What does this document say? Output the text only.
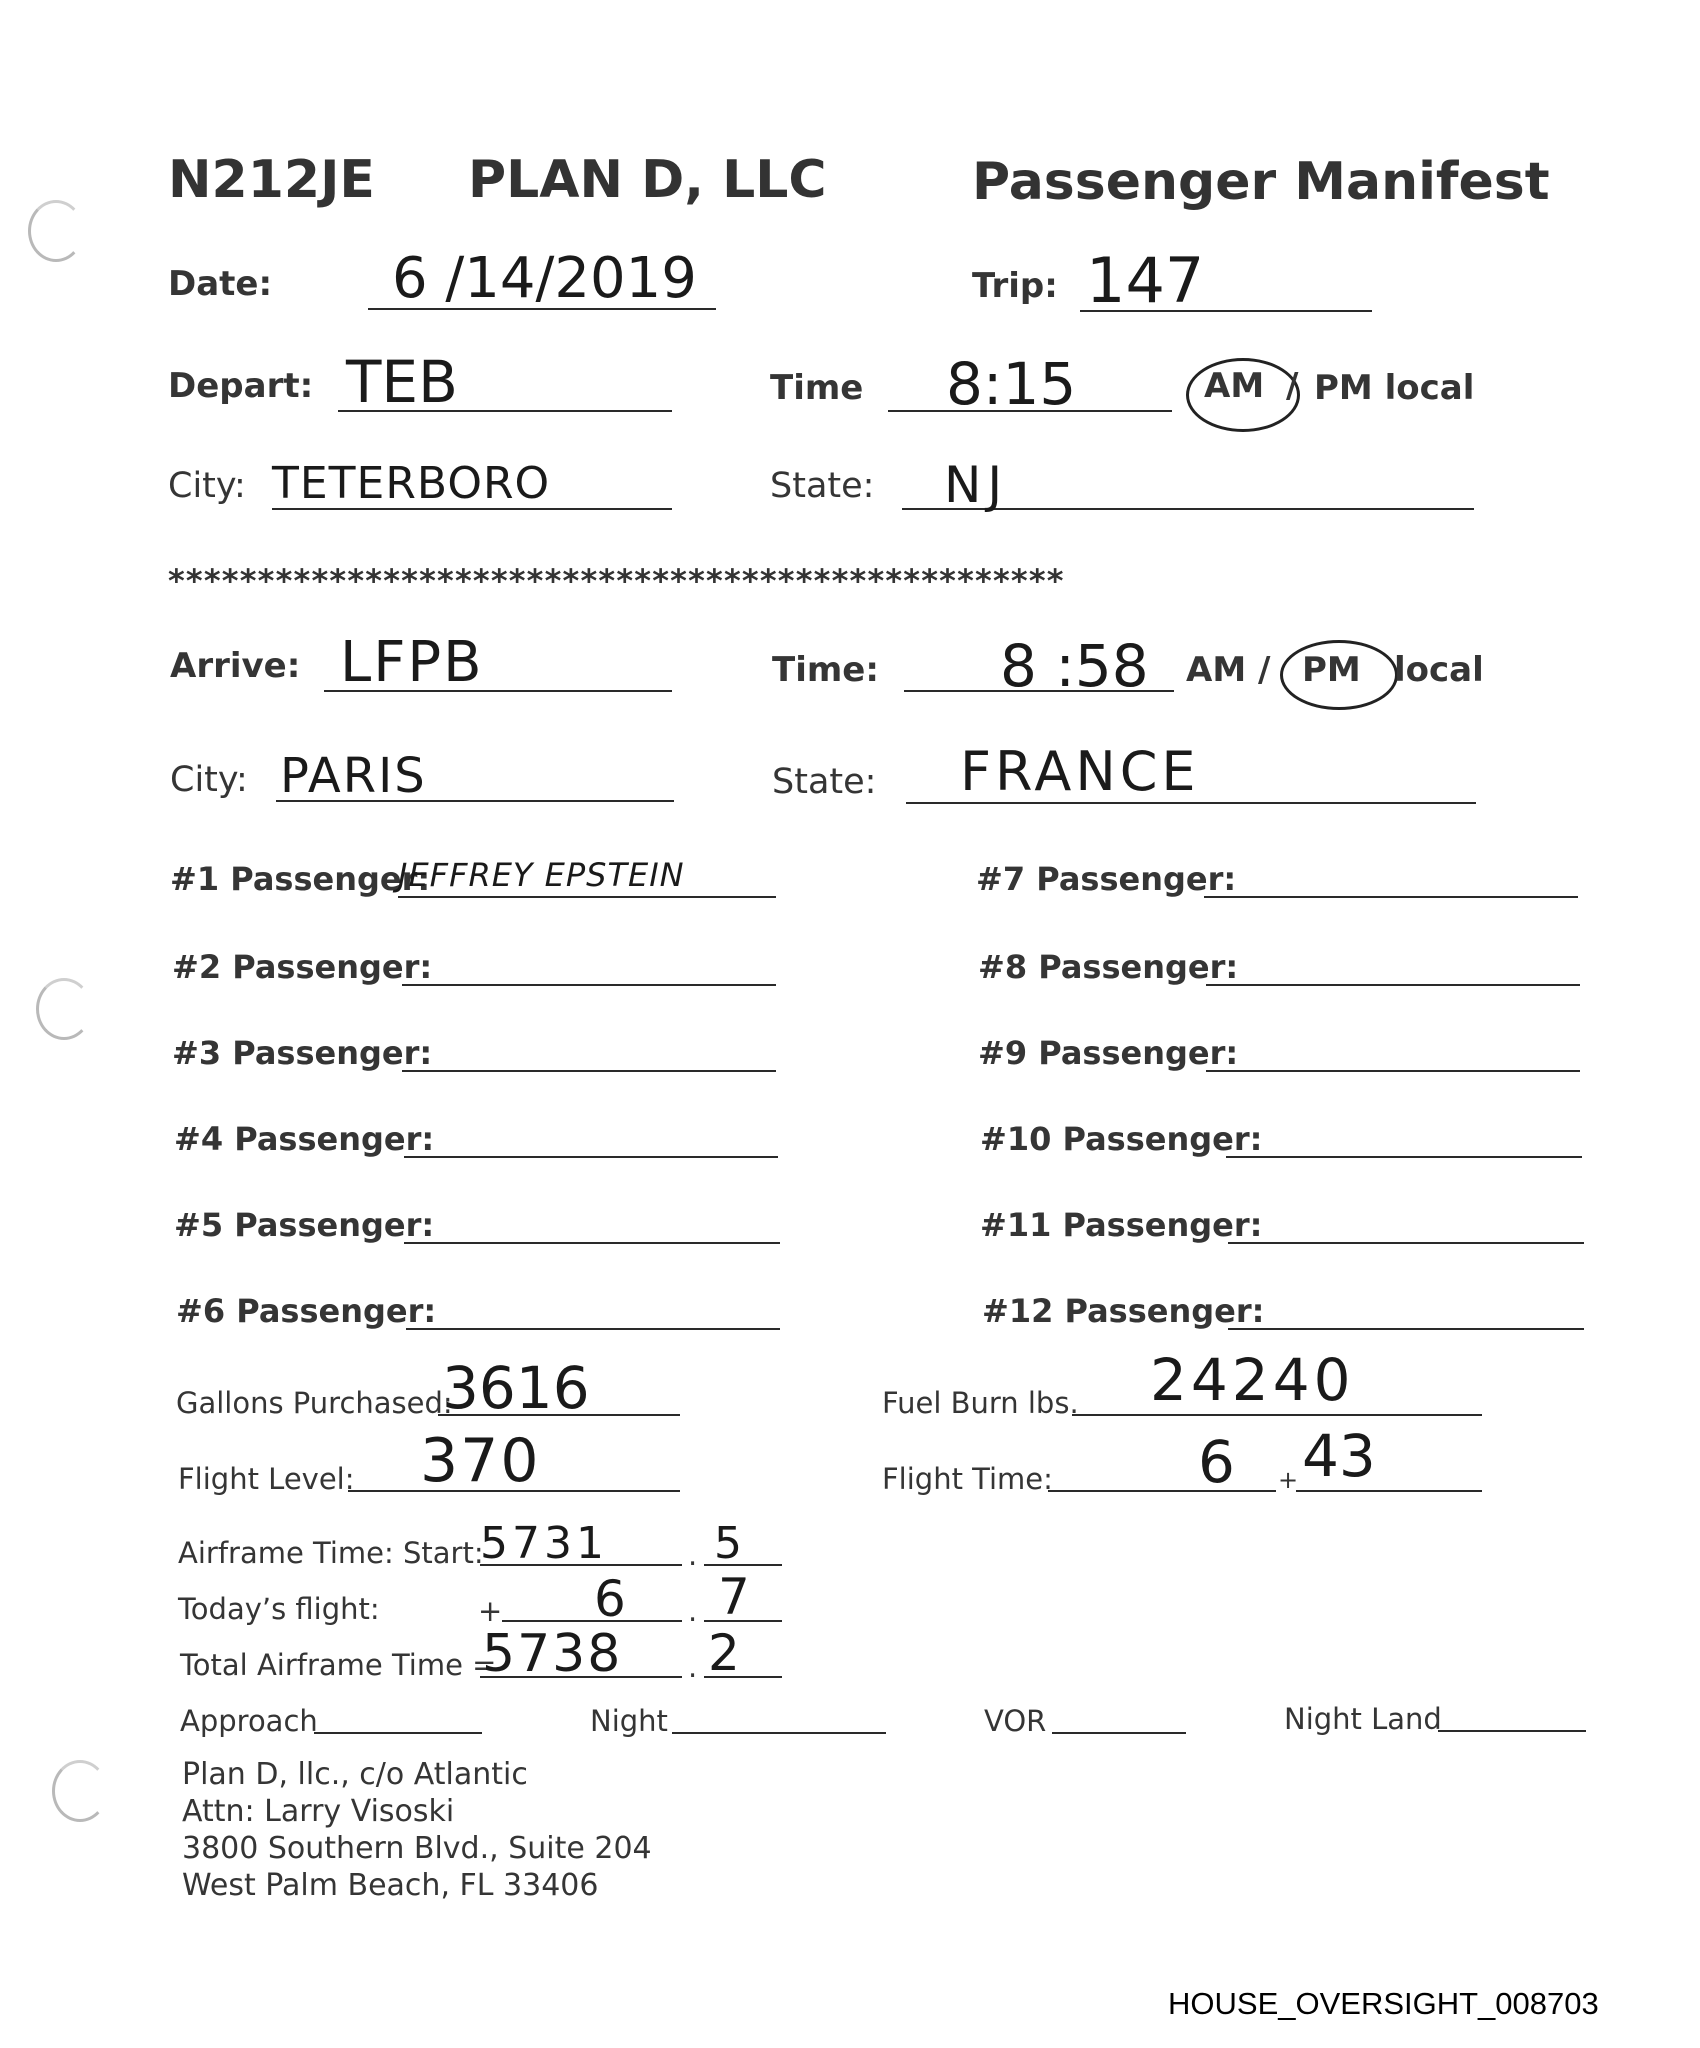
N212JE PLAN D, LLC	Passenger Manifest
Date: 6 /14/2019	Trip: 147
Depart: TEB	Time 8:15	AM / PM local
City: TETERBORO	State: NJ
**************************************************
Arrive: LFPB	Time: 8 :58 AM / PM local
City: PARIS	State: FRANCE
#1 Passenger:
JEFFREY EPSTEIN
#2 Passenger:
#3 Passenger:
#4 Passenger:
#5 Passenger:
#6 Passenger:
#7 Passenger:
#8 Passenger:
#9 Passenger:
#10 Passenger:
#11 Passenger:
#12 Passenger:
Gallons Purchased:
3616	Fuel Burn lbs. 24240
Flight Level: 370	Flight Time:	6 + 43
Airframe Time: Start:
5731	. 5
Today’s flight:	+ 6 . 7
Total Airframe Time =
5738 . 2
Approach	Night	VOR	Night Land
Plan D, llc., c/o Atlantic
Attn: Larry Visoski
3800 Southern Blvd., Suite 204
West Palm Beach, FL 33406
HOUSE_OVERSIGHT_008703
